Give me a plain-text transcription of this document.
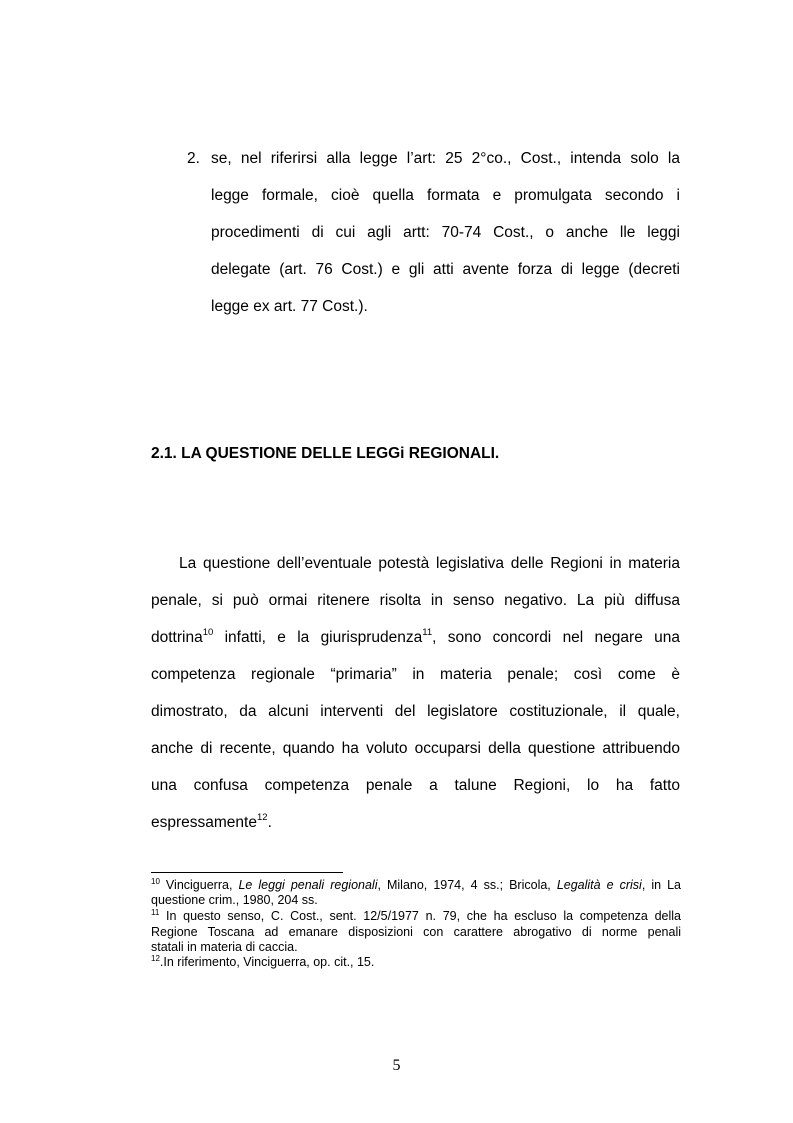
2. se, nel riferirsi alla legge l’art: 25 2°co., Cost., intenda solo la
legge formale, cioè quella formata e promulgata secondo i
procedimenti di cui agli artt: 70-74 Cost., o anche lle leggi
delegate (art. 76 Cost.) e gli atti avente forza di legge (decreti
legge ex art. 77 Cost.).
2.1. LA QUESTIONE DELLE LEGGi REGIONALI.
La questione dell’eventuale potestà legislativa delle Regioni in materia
penale, si può ormai ritenere risolta in senso negativo. La più diffusa
dottrina$^{10}$ infatti, e la giurisprudenza$^{11}$, sono concordi nel negare una
competenza regionale “primaria” in materia penale; così come è
dimostrato, da alcuni interventi del legislatore costituzionale, il quale,
anche di recente, quando ha voluto occuparsi della questione attribuendo
una confusa competenza penale a talune Regioni, lo ha fatto
espressamente$^{12}$.
$^{10}$ Vinciguerra, Le leggi penali regionali, Milano, 1974, 4 ss.; Bricola, Legalità e crisi, in La
questione crim., 1980, 204 ss.
$^{11}$ In questo senso, C. Cost., sent. 12/5/1977 n. 79, che ha escluso la competenza della
Regione Toscana ad emanare disposizioni con carattere abrogativo di norme penali
statali in materia di caccia.
$^{12}$.In riferimento, Vinciguerra, op. cit., 15.
5
